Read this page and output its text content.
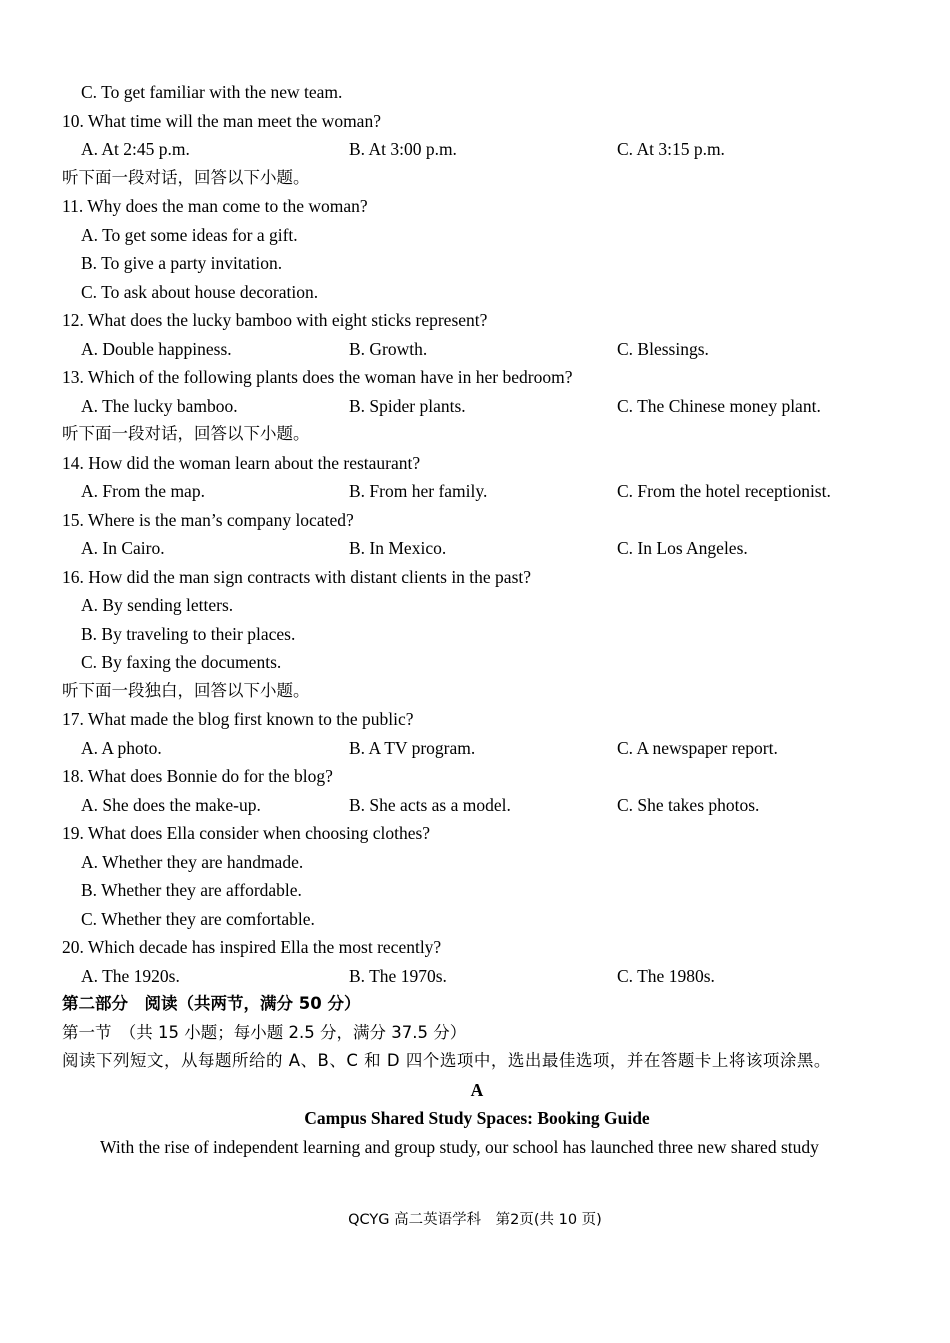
C. To get familiar with the new team.
10. What time will the man meet the woman?
A. At 2:45 p.m.	B. At 3:00 p.m.	C. At 3:15 p.m.
听下面一段对话，回答以下小题。
11. Why does the man come to the woman?
A. To get some ideas for a gift.
B. To give a party invitation.
C. To ask about house decoration.
12. What does the lucky bamboo with eight sticks represent?
A. Double happiness.	B. Growth.	C. Blessings.
13. Which of the following plants does the woman have in her bedroom?
A. The lucky bamboo.	B. Spider plants.	C. The Chinese money plant.
听下面一段对话，回答以下小题。
14. How did the woman learn about the restaurant?
A. From the map.	B. From her family.	C. From the hotel receptionist.
15. Where is the man’s company located?
A. In Cairo.	B. In Mexico.	C. In Los Angeles.
16. How did the man sign contracts with distant clients in the past?
A. By sending letters.
B. By traveling to their places.
C. By faxing the documents.
听下面一段独白，回答以下小题。
17. What made the blog first known to the public?
A. A photo.	B. A TV program.	C. A newspaper report.
18. What does Bonnie do for the blog?
A. She does the make-up.	B. She acts as a model.	C. She takes photos.
19. What does Ella consider when choosing clothes?
A. Whether they are handmade.
B. Whether they are affordable.
C. Whether they are comfortable.
20. Which decade has inspired Ella the most recently?
A. The 1920s.	B. The 1970s.	C. The 1980s.
第二部分　阅读（共两节，满分 50 分）
第一节　（共 15 小题；每小题 2.5 分，满分 37.5 分）
阅读下列短文，从每题所给的 A、B、C 和 D 四个选项中，选出最佳选项，并在答题卡上将该项涂黑。
A
Campus Shared Study Spaces: Booking Guide
With the rise of independent learning and group study, our school has launched three new shared study
QCYG 高二英语学科　第2页(共 10 页)
